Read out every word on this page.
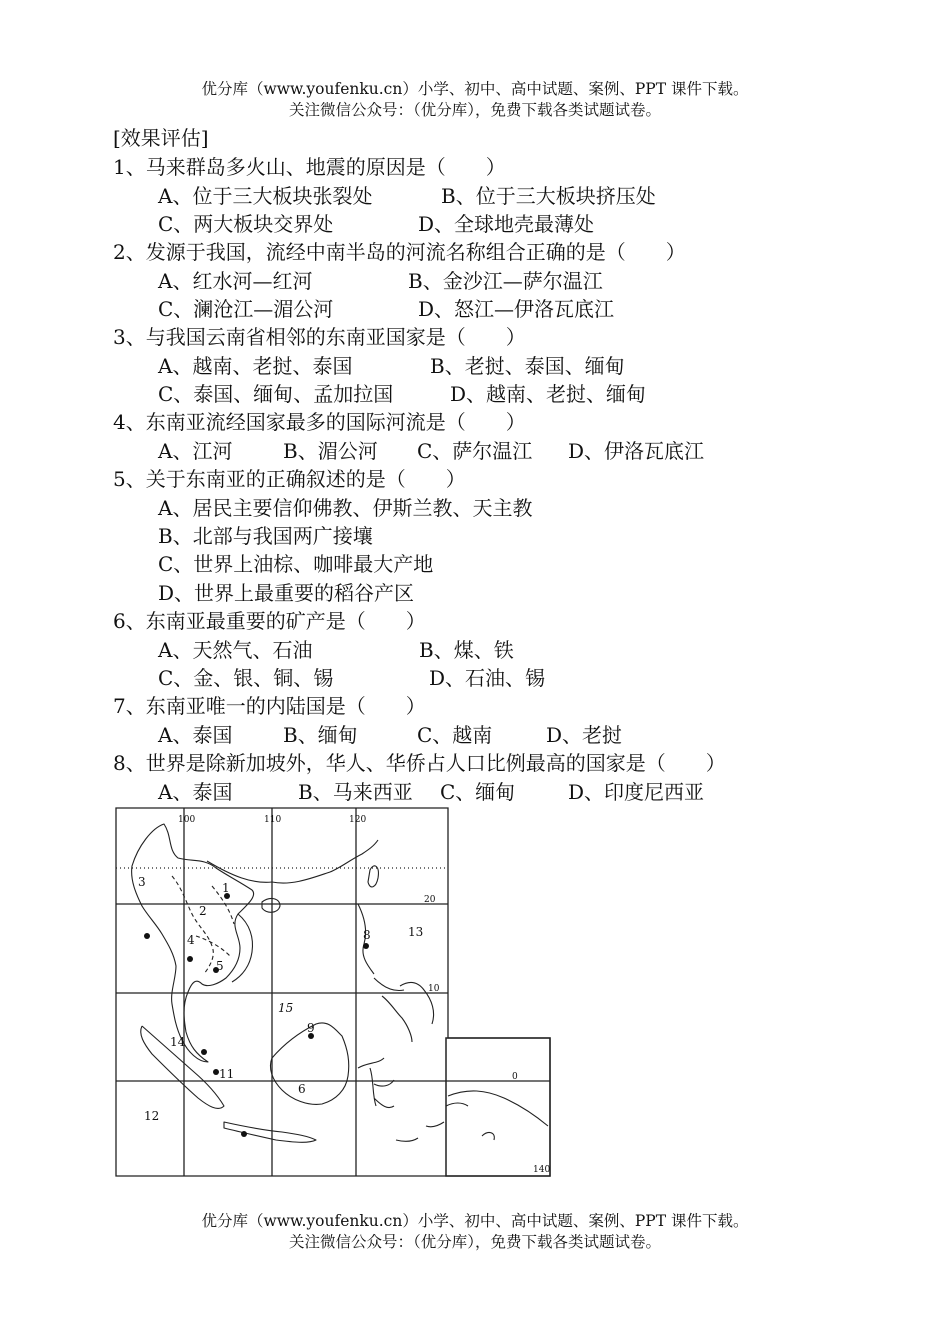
优分库（www.youfenku.cn）小学、初中、高中试题、案例、PPT 课件下载。
关注微信公众号：（优分库），免费下载各类试题试卷。
[效果评估]
1、马来群岛多火山、地震的原因是（　　）
A、位于三大板块张裂处	B、位于三大板块挤压处
C、两大板块交界处	D、全球地壳最薄处
2、发源于我国，流经中南半岛的河流名称组合正确的是（　　）
A、红水河—红河	B、金沙江—萨尔温江
C、澜沧江—湄公河	D、怒江—伊洛瓦底江
3、与我国云南省相邻的东南亚国家是（　　）
A、越南、老挝、泰国	B、老挝、泰国、缅甸
C、泰国、缅甸、孟加拉国	D、越南、老挝、缅甸
4、东南亚流经国家最多的国际河流是（　　）
A、江河	B、湄公河 C、萨尔温江 D、伊洛瓦底江
5、关于东南亚的正确叙述的是（　　）
A、居民主要信仰佛教、伊斯兰教、天主教
B、北部与我国两广接壤
C、世界上油棕、咖啡最大产地
D、世界上最重要的稻谷产区
6、东南亚最重要的矿产是（　　）
A、天然气、石油	B、煤、铁
C、金、银、铜、锡	D、石油、锡
7、东南亚唯一的内陆国是（　　）
A、泰国	B、缅甸	C、越南	D、老挝
8、世界是除新加坡外，华人、华侨占人口比例最高的国家是（　　）
A、泰国	B、马来西亚 C、缅甸	D、印度尼西亚
100	110	120
140
20
10
0
1
2
3
4
5
6
8
9
11
12
13
14
15
优分库（www.youfenku.cn）小学、初中、高中试题、案例、PPT 课件下载。
关注微信公众号：（优分库），免费下载各类试题试卷。
